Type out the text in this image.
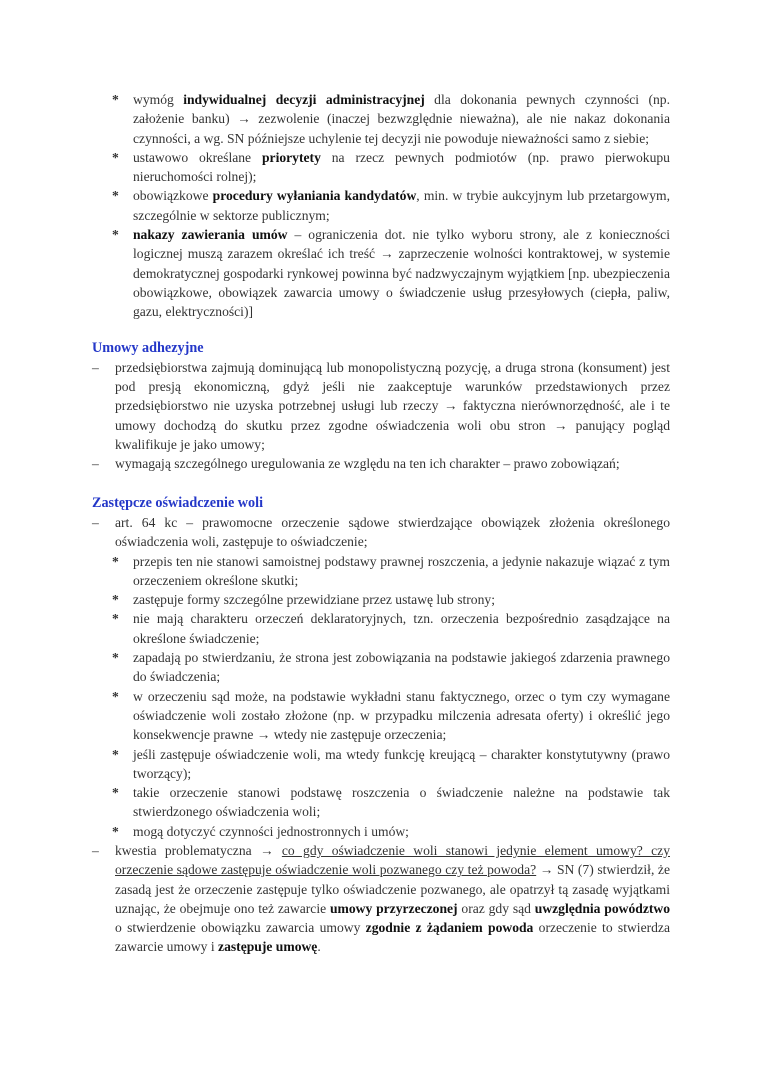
* wymóg indywidualnej decyzji administracyjnej dla dokonania pewnych czynności (np. założenie banku) → zezwolenie (inaczej bezwzględnie nieważna), ale nie nakaz dokonania czynności, a wg. SN późniejsze uchylenie tej decyzji nie powoduje nieważności samo z siebie;

* ustawowo określane priorytety na rzecz pewnych podmiotów (np. prawo pierwokupu nieruchomości rolnej);

* obowiązkowe procedury wyłaniania kandydatów, min. w trybie aukcyjnym lub przetargowym, szczególnie w sektorze publicznym;

* nakazy zawierania umów – ograniczenia dot. nie tylko wyboru strony, ale z konieczności logicznej muszą zarazem określać ich treść → zaprzeczenie wolności kontraktowej, w systemie demokratycznej gospodarki rynkowej powinna być nadzwyczajnym wyjątkiem [np. ubezpieczenia obowiązkowe, obowiązek zawarcia umowy o świadczenie usług przesyłowych (ciepła, paliw, gazu, elektryczności)]

Umowy adhezyjne

– przedsiębiorstwa zajmują dominującą lub monopolistyczną pozycję, a druga strona (konsument) jest pod presją ekonomiczną, gdyż jeśli nie zaakceptuje warunków przedstawionych przez przedsiębiorstwo nie uzyska potrzebnej usługi lub rzeczy → faktyczna nierównorzędność, ale i te umowy dochodzą do skutku przez zgodne oświadczenia woli obu stron → panujący pogląd kwalifikuje je jako umowy;

– wymagają szczególnego uregulowania ze względu na ten ich charakter – prawo zobowiązań;

Zastępcze oświadczenie woli

– art. 64 kc – prawomocne orzeczenie sądowe stwierdzające obowiązek złożenia określonego oświadczenia woli, zastępuje to oświadczenie;

* przepis ten nie stanowi samoistnej podstawy prawnej roszczenia, a jedynie nakazuje wiązać z tym orzeczeniem określone skutki;

* zastępuje formy szczególne przewidziane przez ustawę lub strony;

* nie mają charakteru orzeczeń deklaratoryjnych, tzn. orzeczenia bezpośrednio zasądzające na określone świadczenie;

* zapadają po stwierdzaniu, że strona jest zobowiązania na podstawie jakiegoś zdarzenia prawnego do świadczenia;

* w orzeczeniu sąd może, na podstawie wykładni stanu faktycznego, orzec o tym czy wymagane oświadczenie woli zostało złożone (np. w przypadku milczenia adresata oferty) i określić jego konsekwencje prawne → wtedy nie zastępuje orzeczenia;

* jeśli zastępuje oświadczenie woli, ma wtedy funkcję kreującą – charakter konstytutywny (prawo tworzący);

* takie orzeczenie stanowi podstawę roszczenia o świadczenie należne na podstawie tak stwierdzonego oświadczenia woli;

* mogą dotyczyć czynności jednostronnych i umów;

– kwestia problematyczna → co gdy oświadczenie woli stanowi jedynie element umowy? czy orzeczenie sądowe zastępuje oświadczenie woli pozwanego czy też powoda? → SN (7) stwierdził, że zasadą jest że orzeczenie zastępuje tylko oświadczenie pozwanego, ale opatrzył tą zasadę wyjątkami uznając, że obejmuje ono też zawarcie umowy przyrzeczonej oraz gdy sąd uwzględnia powództwo o stwierdzenie obowiązku zawarcia umowy zgodnie z żądaniem powoda orzeczenie to stwierdza zawarcie umowy i zastępuje umowę.
